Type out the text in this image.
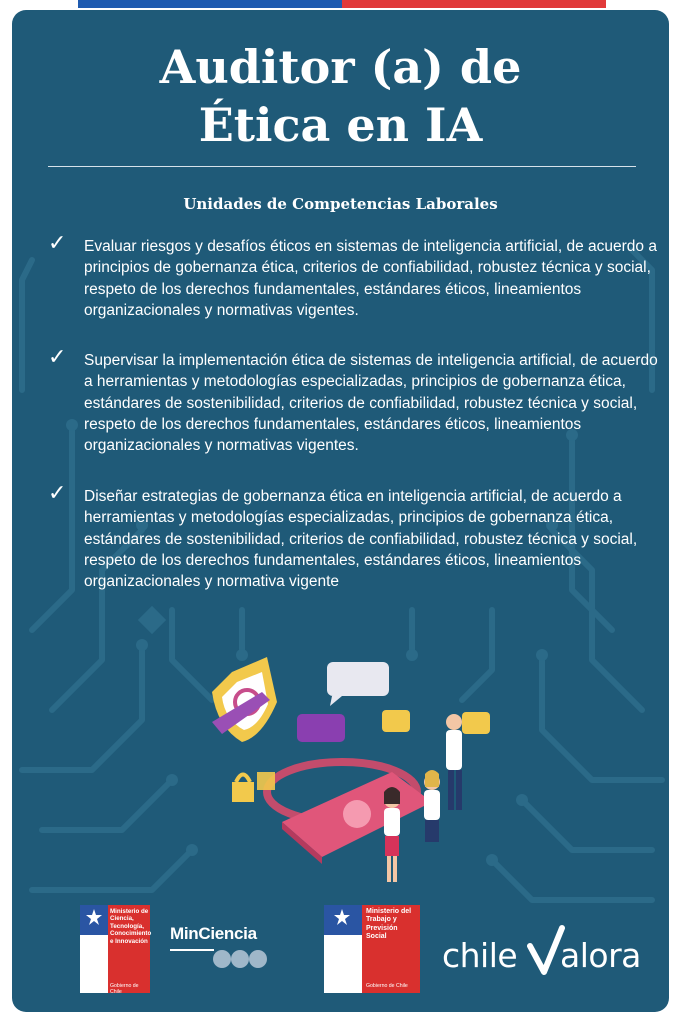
Auditor (a) de
Ética en IA
Unidades de Competencias Laborales
✓ Evaluar riesgos y desafíos éticos en sistemas de inteligencia artificial, de acuerdo a principios de gobernanza ética, criterios de confiabilidad, robustez técnica y social, respeto de los derechos fundamentales, estándares éticos, lineamientos organizacionales y normativas vigentes.
✓ Supervisar la implementación ética de sistemas de inteligencia artificial, de acuerdo a herramientas y metodologías especializadas, principios de gobernanza ética, estándares de sostenibilidad, criterios de confiabilidad, robustez técnica y social, respeto de los derechos fundamentales, estándares éticos, lineamientos organizacionales y normativas vigentes.
✓ Diseñar estrategias de gobernanza ética en inteligencia artificial, de acuerdo a herramientas y metodologías especializadas, principios de gobernanza ética, estándares de sostenibilidad, criterios de confiabilidad, robustez técnica y social, respeto de los derechos fundamentales, estándares éticos, lineamientos organizacionales y normativa vigente
Ministerio de
Ciencia,
Tecnología,
Conocimiento
e Innovación
Gobierno de Chile
MinCiencia
Ministerio del
Trabajo y
Previsión
Social
Gobierno de Chile
chile alora
